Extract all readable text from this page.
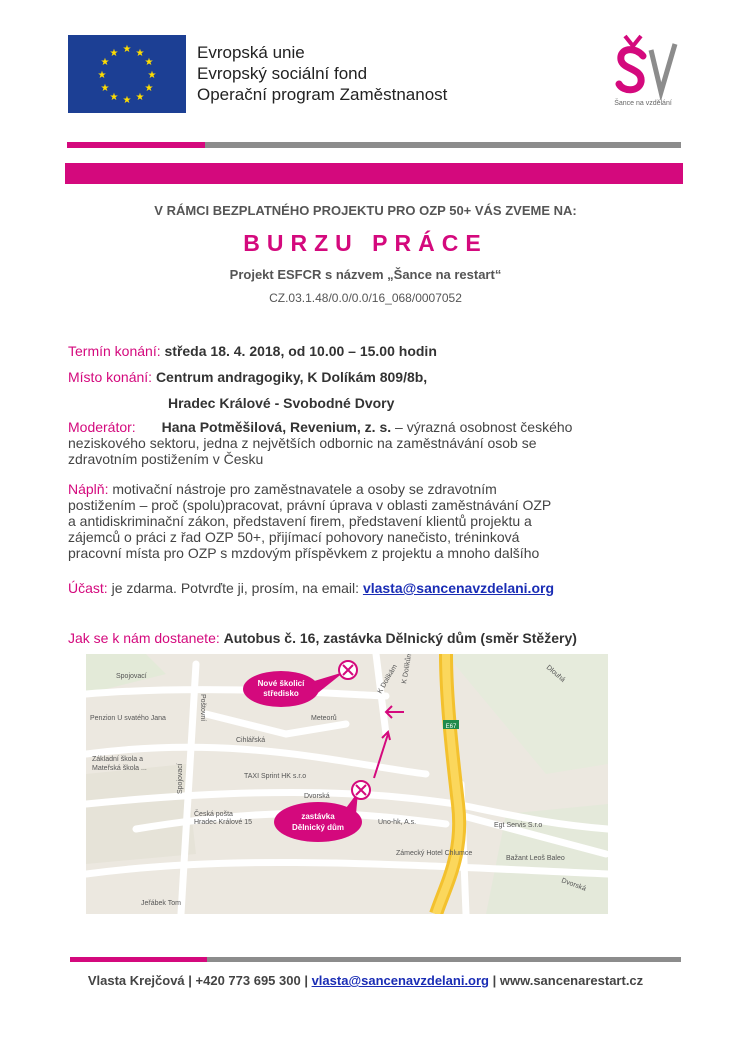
★ ★
★
★
★
★
★
★
★
★
★
★	Evropská unie
Evropský sociální fond
Operační program Zaměstnanost	Šance na vzdělání
V RÁMCI BEZPLATNÉHO PROJEKTU PRO OZP 50+ VÁS ZVEME NA:
BURZU PRÁCE
Projekt ESFCR s názvem „Šance na restart“
CZ.03.1.48/0.0/0.0/16_068/0007052
Termín konání: středa 18. 4. 2018, od 10.00 – 15.00 hodin
Místo konání: Centrum andragogiky, K Dolíkám 809/8b,
Hradec Králové - Svobodné Dvory
Moderátor: Hana Potměšilová, Revenium, z. s. – výrazná osobnost českého
neziskového sektoru, jedna z největších odbornic na zaměstnávání osob se
zdravotním postižením v Česku
Náplň: motivační nástroje pro zaměstnavatele a osoby se zdravotním
postižením – proč (spolu)pracovat, právní úprava v oblasti zaměstnávání OZP
a antidiskriminační zákon, představení firem, představení klientů projektu a
zájemců o práci z řad OZP 50+, přijímací pohovory nanečisto, tréninková
pracovní místa pro OZP s mzdovým příspěvkem z projektu a mnoho dalšího
Účast: je zdarma. Potvrďte ji, prosím, na email: vlasta@sancenavzdelani.org
Jak se k nám dostanete: Autobus č. 16, zastávka Dělnický dům (směr Stěžery)
E67
Spojovací
Penzion U svatého Jana
Základní škola a
Mateřská škola ...
Cihlářská
TAXI Sprint HK s.r.o
Česká pošta
Hradec Králové 15
Spojovací
Meteorů
Dvorská
K Dolíkám K Dolíkům
Uno-hk, A.s.
Zámecký Hotel Chlumce
Egt Servis S.r.o
Bažant Leoš Baleo
Dvorská
Jeřábek Tom
Dlouhá
Poštovní
Nové školicí
středisko
zastávka
Dělnický dům
Vlasta Krejčová | +420 773 695 300 | vlasta@sancenavzdelani.org | www.sancenarestart.cz
